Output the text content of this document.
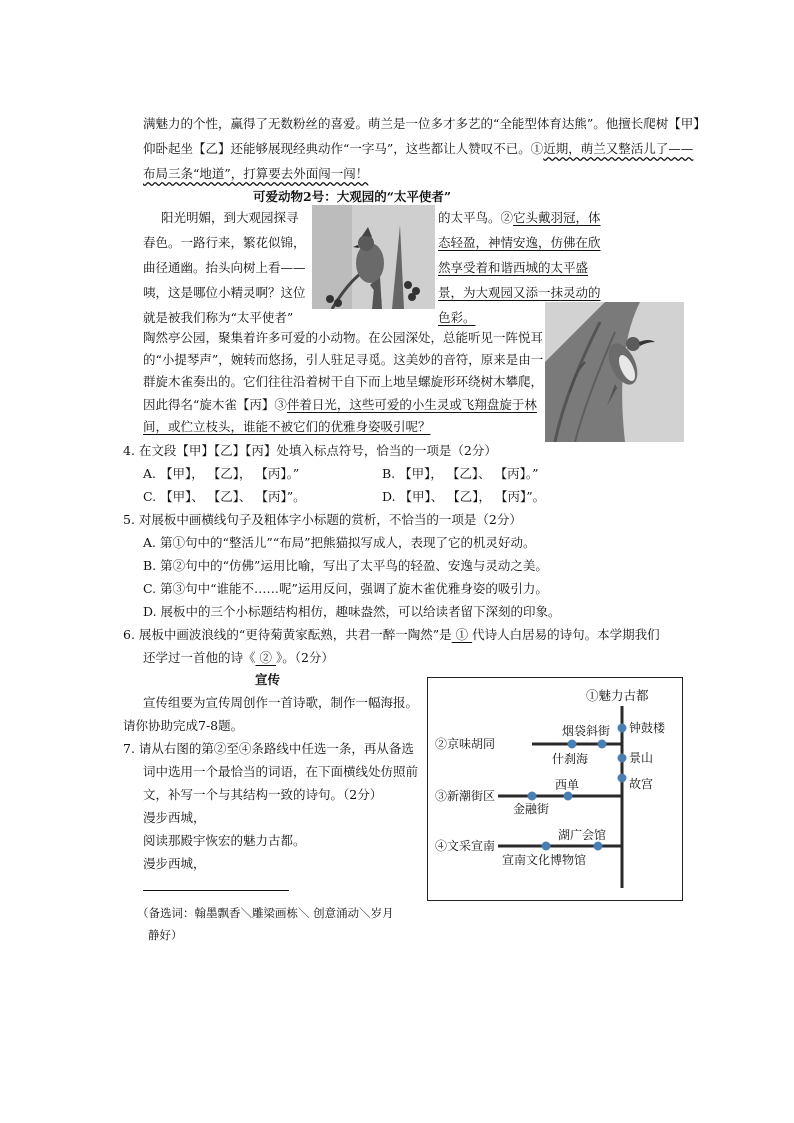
满魅力的个性，赢得了无数粉丝的喜爱。萌兰是一位多才多艺的“全能型体育达熊”。他擅长爬树【甲】
仰卧起坐【乙】还能够展现经典动作“一字马”，这些都让人赞叹不已。①近期，萌兰又整活儿了——
布局三条“地道”，打算要去外面闯一闯！
可爱动物2号：大观园的“太平使者”
阳光明媚，到大观园探寻
春色。一路行来，繁花似锦，
曲径通幽。抬头向树上看——
咦，这是哪位小精灵啊？这位
就是被我们称为“太平使者”
的太平鸟。②它头戴羽冠，体
态轻盈，神情安逸，仿佛在欣
然享受着和谐西城的太平盛
景，为大观园又添一抹灵动的
色彩。
陶然亭公园，聚集着许多可爱的小动物。在公园深处，总能听见一阵悦耳
的“小提琴声”，婉转而悠扬，引人驻足寻觅。这美妙的音符，原来是由一
群旋木雀奏出的。它们往往沿着树干自下而上地呈螺旋形环绕树木攀爬，
因此得名“旋木雀【丙】③伴着日光，这些可爱的小生灵或飞翔盘旋于林
间，或伫立枝头，谁能不被它们的优雅身姿吸引呢？
4. 在文段【甲】【乙】【丙】处填入标点符号，恰当的一项是（2分）
A. 【甲】， 【乙】， 【丙】。”	B. 【甲】， 【乙】、 【丙】。”
C. 【甲】、 【乙】、 【丙】”。	D. 【甲】、 【乙】， 【丙】”。
5. 对展板中画横线句子及粗体字小标题的赏析，不恰当的一项是（2分）
A. 第①句中的“整活儿”“布局”把熊猫拟写成人，表现了它的机灵好动。
B. 第②句中的“仿佛”运用比喻，写出了太平鸟的轻盈、安逸与灵动之美。
C. 第③句中“谁能不……呢”运用反问，强调了旋木雀优雅身姿的吸引力。
D. 展板中的三个小标题结构相仿，趣味盎然，可以给读者留下深刻的印象。
6. 展板中画波浪线的“更待菊黄家酝熟，共君一醉一陶然”是 ① 代诗人白居易的诗句。本学期我们
还学过一首他的诗《 ② 》。（2分）
宣传
宣传组要为宣传周创作一首诗歌，制作一幅海报。
请你协助完成7-8题。
7. 请从右图的第②至④条路线中任选一条，再从备选
词中选用一个最恰当的词语，在下面横线处仿照前
文，补写一个与其结构一致的诗句。（2分）
漫步西城，
阅读那殿宇恢宏的魅力古都。
漫步西城，
（备选词：翰墨飘香＼雕梁画栋＼ 创意涌动＼岁月
静好）
①魅力古都
②京味胡同
③新潮街区
④文采宣南
钟鼓楼
烟袋斜街
什刹海	景山
故宫
西单
金融街
湖广会馆
宣南文化博物馆
